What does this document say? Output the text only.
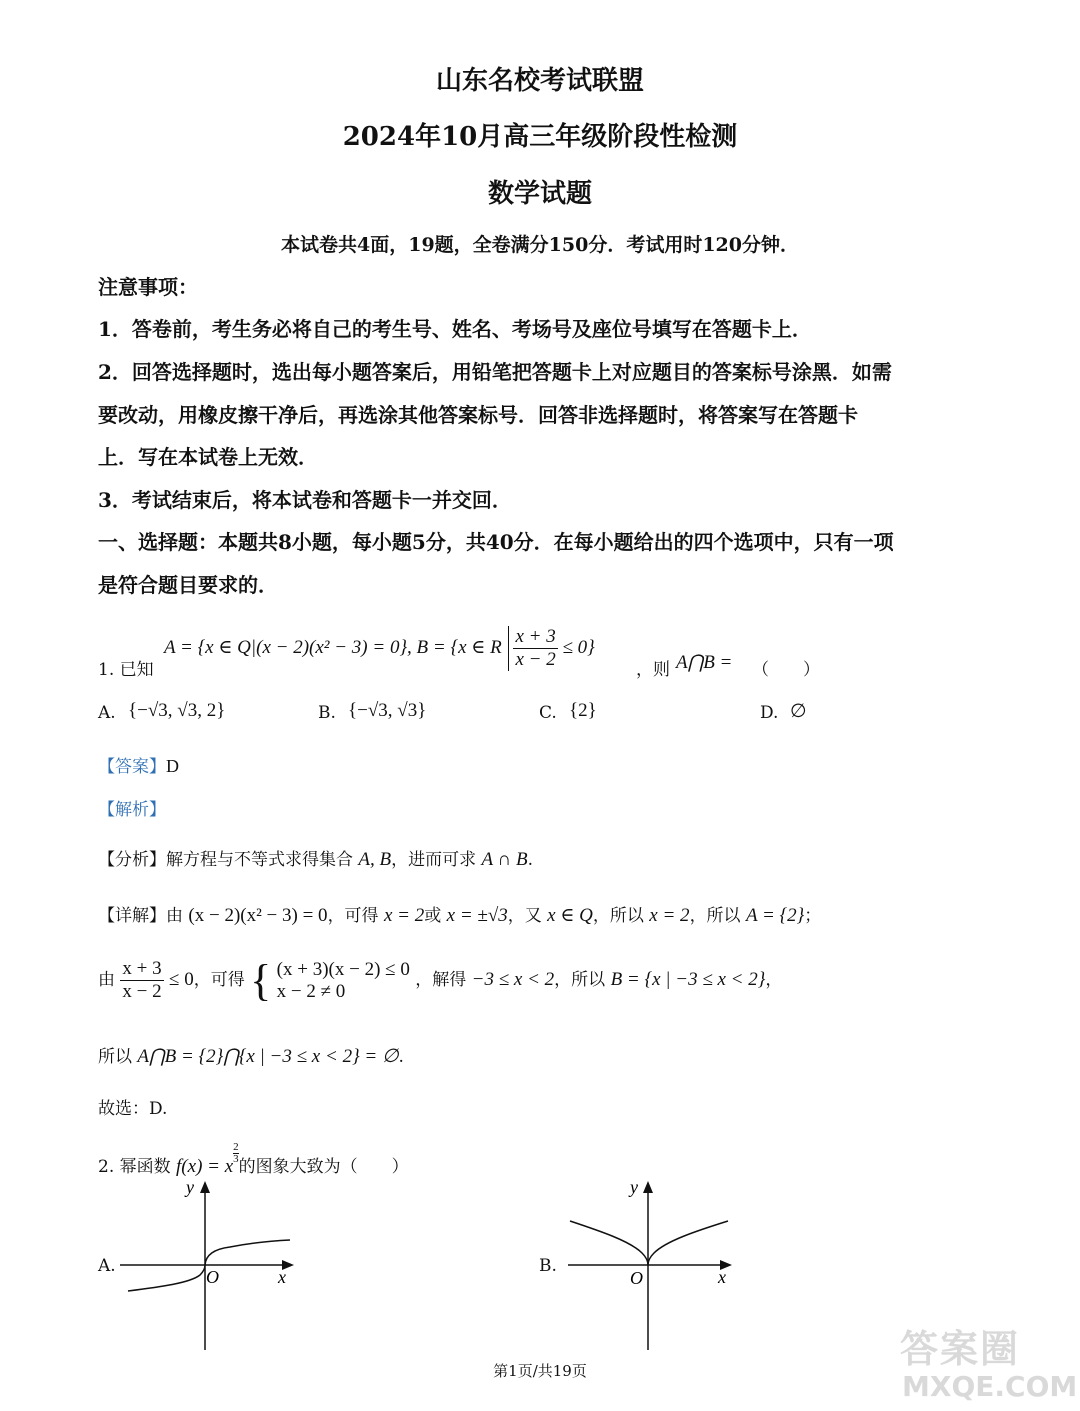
山东名校考试联盟
2024年10月高三年级阶段性检测
数学试题
本试卷共4面，19题，全卷满分150分．考试用时120分钟．
注意事项：
1．答卷前，考生务必将自己的考生号、姓名、考场号及座位号填写在答题卡上．
2．回答选择题时，选出每小题答案后，用铅笔把答题卡上对应题目的答案标号涂黑．如需
要改动，用橡皮擦干净后，再选涂其他答案标号．回答非选择题时，将答案写在答题卡
上．写在本试卷上无效．
3．考试结束后，将本试卷和答题卡一并交回．
一、选择题：本题共8小题，每小题5分，共40分．在每小题给出的四个选项中，只有一项
是符合题目要求的．
1. 已知
A = {x ∈ Q|(x − 2)(x² − 3) = 0}, B = {x ∈ R $\frac{x + 3}{x - 2} \le 0$}
，则 A⋂B = （　　）
A. {−√3, √3, 2}	B. {−√3, √3}	C. {2}	D. ∅
【答案】D
【解析】
【分析】解方程与不等式求得集合 A, B，进而可求 A ∩ B.
【详解】由 (x − 2)(x² − 3) = 0，可得 x = 2或 x = ±√3，又 x ∈ Q，所以 x = 2，所以 A = {2}；
由 $\frac{x + 3}{x - 2} \le 0$，可得 { (x + 3)(x − 2) ≤ 0
x − 2 ≠ 0
，解得 −3 ≤ x < 2，所以 B = {x | −3 ≤ x < 2}，
所以 A⋂B = {2}⋂{x | −3 ≤ x < 2} = ∅.
故选：D.
2. 幂函数 f(x) = x
$\frac{2}{3}$
的图象大致为（　　）
A.
y
x
O
B.
y
x
O
第1页/共19页	答案圈
MXQE.COM
